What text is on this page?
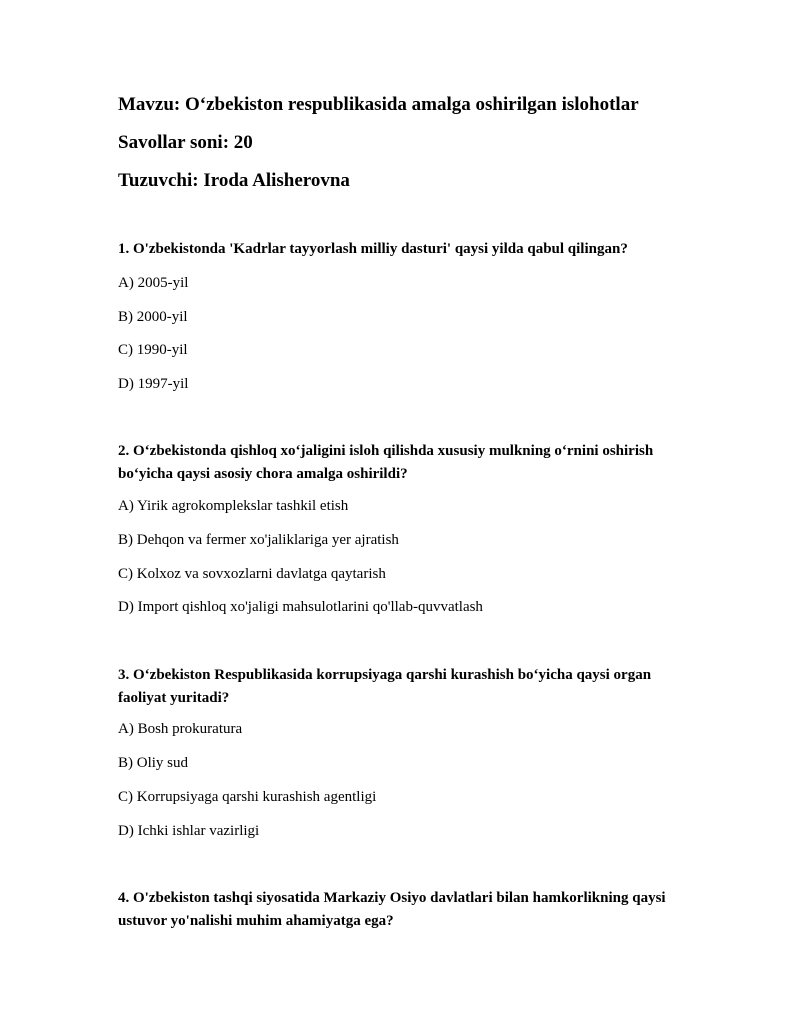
Mavzu: O‘zbekiston respublikasida amalga oshirilgan islohotlar
Savollar soni: 20
Tuzuvchi: Iroda Alisherovna
1. O'zbekistonda 'Kadrlar tayyorlash milliy dasturi' qaysi yilda qabul qilingan?
A) 2005-yil
B) 2000-yil
C) 1990-yil
D) 1997-yil
2. O‘zbekistonda qishloq xo‘jaligini isloh qilishda xususiy mulkning o‘rnini oshirish bo‘yicha qaysi asosiy chora amalga oshirildi?
A) Yirik agrokomplekslar tashkil etish
B) Dehqon va fermer xo'jaliklariga yer ajratish
C) Kolxoz va sovxozlarni davlatga qaytarish
D) Import qishloq xo'jaligi mahsulotlarini qo'llab-quvvatlash
3. O‘zbekiston Respublikasida korrupsiyaga qarshi kurashish bo‘yicha qaysi organ faoliyat yuritadi?
A) Bosh prokuratura
B) Oliy sud
C) Korrupsiyaga qarshi kurashish agentligi
D) Ichki ishlar vazirligi
4. O'zbekiston tashqi siyosatida Markaziy Osiyo davlatlari bilan hamkorlikning qaysi ustuvor yo'nalishi muhim ahamiyatga ega?
